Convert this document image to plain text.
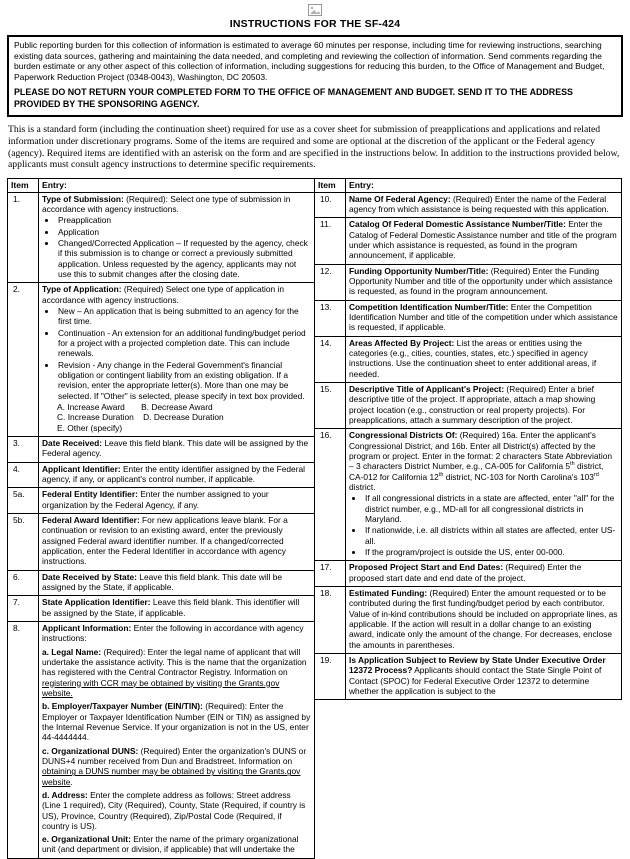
INSTRUCTIONS FOR THE SF-424

Public reporting burden for this collection of information is estimated to average 60 minutes per response, including time for reviewing instructions, searching existing data sources, gathering and maintaining the data needed, and completing and reviewing the collection of information. Send comments regarding the burden estimate or any other aspect of this collection of information, including suggestions for reducing this burden, to the Office of Management and Budget, Paperwork Reduction Project (0348-0043), Washington, DC 20503.

PLEASE DO NOT RETURN YOUR COMPLETED FORM TO THE OFFICE OF MANAGEMENT AND BUDGET. SEND IT TO THE ADDRESS PROVIDED BY THE SPONSORING AGENCY.

This is a standard form (including the continuation sheet) required for use as a cover sheet for submission of preapplications and applications and related information under discretionary programs. Some of the items are required and some are optional at the discretion of the applicant or the Federal agency (agency). Required items are identified with an asterisk on the form and are specified in the instructions below. In addition to the instructions provided below, applicants must consult agency instructions to determine specific requirements.

Item	Entry:
1.	Type of Submission: (Required): Select one type of submission in accordance with agency instructions.
• Preapplication
• Application
• Changed/Corrected Application – If requested by the agency, check if this submission is to change or correct a previously submitted application. Unless requested by the agency, applicants may not use this to submit changes after the closing date.

2.	Type of Application: (Required) Select one type of application in accordance with agency instructions.
• New – An application that is being submitted to an agency for the first time.
• Continuation - An extension for an additional funding/budget period for a project with a projected completion date. This can include renewals.
• Revision - Any change in the Federal Government's financial obligation or contingent liability from an existing obligation. If a revision, enter the appropriate letter(s). More than one may be selected. If "Other" is selected, please specify in text box provided.
A. Increase Award       B. Decrease Award
C. Increase Duration    D. Decrease Duration
E. Other (specify)

3.	Date Received: Leave this field blank. This date will be assigned by the Federal agency.

4.	Applicant Identifier: Enter the entity identifier assigned by the Federal agency, if any, or applicant's control number, if applicable.

5a.	Federal Entity Identifier: Enter the number assigned to your organization by the Federal Agency, if any.

5b.	Federal Award Identifier: For new applications leave blank. For a continuation or revision to an existing award, enter the previously assigned Federal award identifier number. If a changed/corrected application, enter the Federal Identifier in accordance with agency instructions.

6.	Date Received by State: Leave this field blank. This date will be assigned by the State, if applicable.

7.	State Application Identifier: Leave this field blank. This identifier will be assigned by the State, if applicable.

8.	Applicant Information: Enter the following in accordance with agency instructions:
a. Legal Name: (Required): Enter the legal name of applicant that will undertake the assistance activity. This is the name that the organization has registered with the Central Contractor Registry. Information on registering with CCR may be obtained by visiting the Grants.gov website.
b. Employer/Taxpayer Number (EIN/TIN): (Required): Enter the Employer or Taxpayer Identification Number (EIN or TIN) as assigned by the Internal Revenue Service. If your organization is not in the US, enter 44-4444444.
c. Organizational DUNS: (Required) Enter the organization's DUNS or DUNS+4 number received from Dun and Bradstreet. Information on obtaining a DUNS number may be obtained by visiting the Grants.gov website.
d. Address: Enter the complete address as follows: Street address (Line 1 required), City (Required), County, State (Required, if country is US), Province, Country (Required), Zip/Postal Code (Required, if country is US).
e. Organizational Unit: Enter the name of the primary organizational unit (and department or division, if applicable) that will undertake the
Item	Entry:
10.	Name Of Federal Agency: (Required) Enter the name of the Federal agency from which assistance is being requested with this application.

11.	Catalog Of Federal Domestic Assistance Number/Title: Enter the Catalog of Federal Domestic Assistance number and title of the program under which assistance is requested, as found in the program announcement, if applicable.

12.	Funding Opportunity Number/Title: (Required) Enter the Funding Opportunity Number and title of the opportunity under which assistance is requested, as found in the program announcement.

13.	Competition Identification Number/Title: Enter the Competition Identification Number and title of the competition under which assistance is requested, if applicable.

14.	Areas Affected By Project: List the areas or entities using the categories (e.g., cities, counties, states, etc.) specified in agency instructions. Use the continuation sheet to enter additional areas, if needed.

15.	Descriptive Title of Applicant's Project: (Required) Enter a brief descriptive title of the project. If appropriate, attach a map showing project location (e.g., construction or real property projects). For preapplications, attach a summary description of the project.

16.	Congressional Districts Of: (Required) 16a. Enter the applicant's Congressional District, and 16b. Enter all District(s) affected by the program or project. Enter in the format: 2 characters State Abbreviation – 3 characters District Number, e.g., CA-005 for California 5th district, CA-012 for California 12th district, NC-103 for North Carolina's 103rd district.
• If all congressional districts in a state are affected, enter "all" for the district number, e.g., MD-all for all congressional districts in Maryland.
• If nationwide, i.e. all districts within all states are affected, enter US-all.
• If the program/project is outside the US, enter 00-000.

17.	Proposed Project Start and End Dates: (Required) Enter the proposed start date and end date of the project.

18.	Estimated Funding: (Required) Enter the amount requested or to be contributed during the first funding/budget period by each contributor. Value of in-kind contributions should be included on appropriate lines, as applicable. If the action will result in a dollar change to an existing award, indicate only the amount of the change. For decreases, enclose the amounts in parentheses.

19.	Is Application Subject to Review by State Under Executive Order 12372 Process? Applicants should contact the State Single Point of Contact (SPOC) for Federal Executive Order 12372 to determine whether the application is subject to the
